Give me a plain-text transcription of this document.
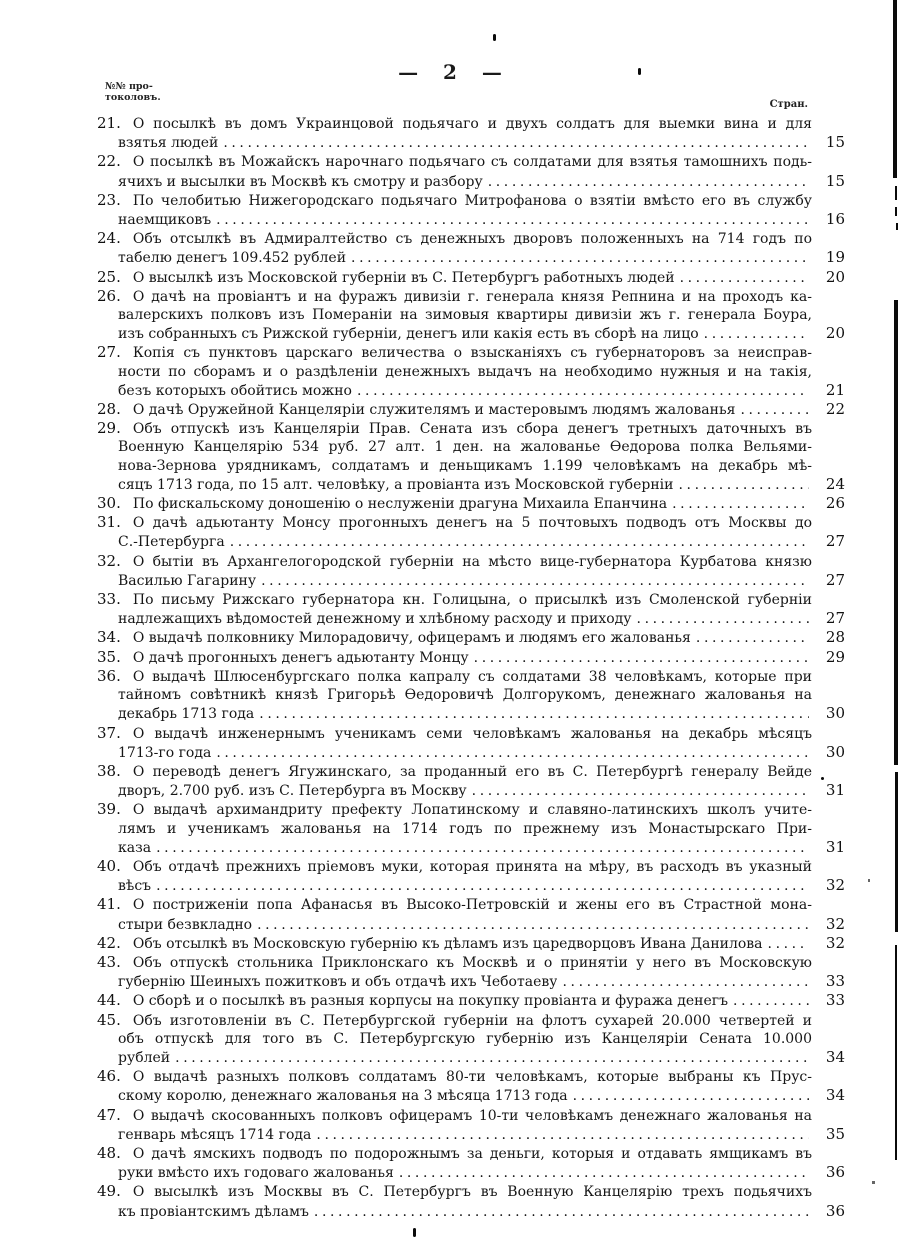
— 2 —
№№ про-
токоловъ.
Стран.
21. О посылкѣ въ домъ Украинцовой подьячаго и двухъ солдатъ для выемки вина и для
взятья людей .....	15
22. О посылкѣ въ Можайскъ нарочнаго подьячаго съ солдатами для взятья тамошнихъ подь-
ячихъ и высылки въ Москвѣ къ смотру и разбору .....	15
23. По челобитью Нижегородскаго подьячаго Митрофанова о взятіи вмѣсто его въ службу
наемщиковъ .....	16
24. Объ отсылкѣ въ Адмиралтейство съ денежныхъ дворовъ положенныхъ на 714 годъ по
табелю денегъ 109.452 рублей .....	19
25. О высылкѣ изъ Московской губерніи въ С. Петербургъ работныхъ людей .....	20
26. О дачѣ на провіантъ и на фуражъ дивизіи г. генерала князя Репнина и на проходъ ка-
валерскихъ полковъ изъ Помераніи на зимовыя квартиры дивизіи жъ г. генерала Боура,
изъ собранныхъ съ Рижской губерніи, денегъ или какія есть въ сборѣ на лицо .....	20
27. Копія съ пунктовъ царскаго величества о взысканіяхъ съ губернаторовъ за неисправ-
ности по сборамъ и о раздѣленіи денежныхъ выдачъ на необходимо нужныя и на такія,
безъ которыхъ обойтись можно .....	21
28. О дачѣ Оружейной Канцеляріи служителямъ и мастеровымъ людямъ жалованья .....	22
29. Объ отпускѣ изъ Канцеляріи Прав. Сената изъ сбора денегъ третныхъ даточныхъ въ
Военную Канцелярію 534 руб. 27 алт. 1 ден. на жалованье Ѳедорова полка Вельями-
нова-Зернова урядникамъ, солдатамъ и деньщикамъ 1.199 человѣкамъ на декабрь мѣ-
сяцъ 1713 года, по 15 алт. человѣку, а провіанта изъ Московской губерніи .....	24
30. По фискальскому доношенію о неслуженіи драгуна Михаила Епанчина .....	26
31. О дачѣ адьютанту Монсу прогонныхъ денегъ на 5 почтовыхъ подводъ отъ Москвы до
С.-Петербурга .....	27
32. О бытіи въ Архангелогородской губерніи на мѣсто вице-губернатора Курбатова князю
Василью Гагарину .....	27
33. По письму Рижскаго губернатора кн. Голицына, о присылкѣ изъ Смоленской губерніи
надлежащихъ вѣдомостей денежному и хлѣбному расходу и приходу .....	27
34. О выдачѣ полковнику Милорадовичу, офицерамъ и людямъ его жалованья .....	28
35. О дачѣ прогонныхъ денегъ адьютанту Монцу .....	29
36. О выдачѣ Шлюсенбургскаго полка капралу съ солдатами 38 человѣкамъ, которые при
тайномъ совѣтникѣ князѣ Григорьѣ Ѳедоровичѣ Долгорукомъ, денежнаго жалованья на
декабрь 1713 года .....	30
37. О выдачѣ инженернымъ ученикамъ семи человѣкамъ жалованья на декабрь мѣсяцъ
1713-го года .....	30
38. О переводѣ денегъ Ягужинскаго, за проданный его въ С. Петербургѣ генералу Вейде
дворъ, 2.700 руб. изъ С. Петербурга въ Москву .....	31
39. О выдачѣ архимандриту префекту Лопатинскому и славяно-латинскихъ школъ учите-
лямъ и ученикамъ жалованья на 1714 годъ по прежнему изъ Монастырскаго При-
каза .....	31
40. Объ отдачѣ прежнихъ пріемовъ муки, которая принята на мѣру, въ расходъ въ указный
вѣсъ .....	32
41. О постриженіи попа Афанасья въ Высоко-Петровскій и жены его въ Страстной мона-
стыри безвкладно .....	32
42. Объ отсылкѣ въ Московскую губернію къ дѣламъ изъ царедворцовъ Ивана Данилова .....	32
43. Объ отпускѣ стольника Приклонскаго къ Москвѣ и о принятіи у него въ Московскую
губернію Шеиныхъ пожитковъ и объ отдачѣ ихъ Чеботаеву .....	33
44. О сборѣ и о посылкѣ въ разныя корпусы на покупку провіанта и фуража денегъ .....	33
45. Объ изготовленіи въ С. Петербургской губерніи на флотъ сухарей 20.000 четвертей и
объ отпускѣ для того въ С. Петербургскую губернію изъ Канцеляріи Сената 10.000
рублей .....	34
46. О выдачѣ разныхъ полковъ солдатамъ 80-ти человѣкамъ, которые выбраны къ Прус-
скому королю, денежнаго жалованья на 3 мѣсяца 1713 года .....	34
47. О выдачѣ скосованныхъ полковъ офицерамъ 10-ти человѣкамъ денежнаго жалованья на
генварь мѣсяцъ 1714 года .....	35
48. О дачѣ ямскихъ подводъ по подорожнымъ за деньги, которыя и отдавать ямщикамъ въ
руки вмѣсто ихъ годоваго жалованья .....	36
49. О высылкѣ изъ Москвы въ С. Петербургъ въ Военную Канцелярію трехъ подьячихъ
къ провіантскимъ дѣламъ .....	36
